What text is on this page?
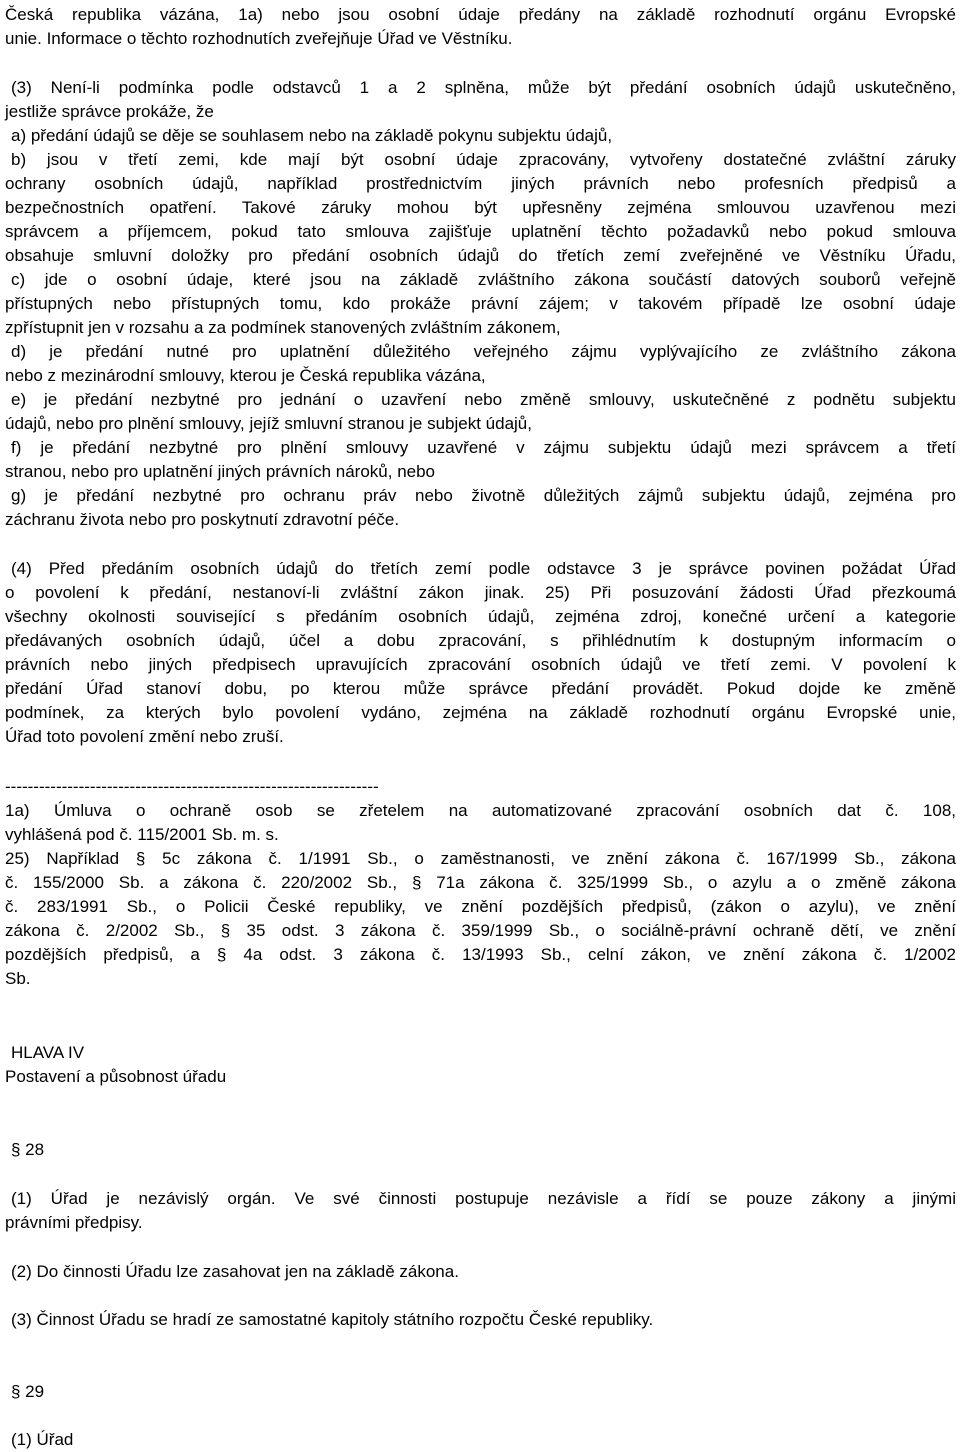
Česká republika vázána, 1a) nebo jsou osobní údaje předány na základě rozhodnutí orgánu Evropské
unie. Informace o těchto rozhodnutích zveřejňuje Úřad ve Věstníku.
(3) Není-li podmínka podle odstavců 1 a 2 splněna, může být předání osobních údajů uskutečněno,
jestliže správce prokáže, že
a) předání údajů se děje se souhlasem nebo na základě pokynu subjektu údajů,
b) jsou v třetí zemi, kde mají být osobní údaje zpracovány, vytvořeny dostatečné zvláštní záruky
ochrany osobních údajů, například prostřednictvím jiných právních nebo profesních předpisů a
bezpečnostních opatření. Takové záruky mohou být upřesněny zejména smlouvou uzavřenou mezi
správcem a příjemcem, pokud tato smlouva zajišťuje uplatnění těchto požadavků nebo pokud smlouva
obsahuje smluvní doložky pro předání osobních údajů do třetích zemí zveřejněné ve Věstníku Úřadu,
c) jde o osobní údaje, které jsou na základě zvláštního zákona součástí datových souborů veřejně
přístupných nebo přístupných tomu, kdo prokáže právní zájem; v takovém případě lze osobní údaje
zpřístupnit jen v rozsahu a za podmínek stanovených zvláštním zákonem,
d) je předání nutné pro uplatnění důležitého veřejného zájmu vyplývajícího ze zvláštního zákona
nebo z mezinárodní smlouvy, kterou je Česká republika vázána,
e) je předání nezbytné pro jednání o uzavření nebo změně smlouvy, uskutečněné z podnětu subjektu
údajů, nebo pro plnění smlouvy, jejíž smluvní stranou je subjekt údajů,
f) je předání nezbytné pro plnění smlouvy uzavřené v zájmu subjektu údajů mezi správcem a třetí
stranou, nebo pro uplatnění jiných právních nároků, nebo
g) je předání nezbytné pro ochranu práv nebo životně důležitých zájmů subjektu údajů, zejména pro
záchranu života nebo pro poskytnutí zdravotní péče.
(4) Před předáním osobních údajů do třetích zemí podle odstavce 3 je správce povinen požádat Úřad
o povolení k předání, nestanoví-li zvláštní zákon jinak. 25) Při posuzování žádosti Úřad přezkoumá
všechny okolnosti související s předáním osobních údajů, zejména zdroj, konečné určení a kategorie
předávaných osobních údajů, účel a dobu zpracování, s přihlédnutím k dostupným informacím o
právních nebo jiných předpisech upravujících zpracování osobních údajů ve třetí zemi. V povolení k
předání Úřad stanoví dobu, po kterou může správce předání provádět. Pokud dojde ke změně
podmínek, za kterých bylo povolení vydáno, zejména na základě rozhodnutí orgánu Evropské unie,
Úřad toto povolení změní nebo zruší.
------------------------------------------------------------------
1a) Úmluva o ochraně osob se zřetelem na automatizované zpracování osobních dat č. 108,
vyhlášená pod č. 115/2001 Sb. m. s.
25) Například § 5c zákona č. 1/1991 Sb., o zaměstnanosti, ve znění zákona č. 167/1999 Sb., zákona
č. 155/2000 Sb. a zákona č. 220/2002 Sb., § 71a zákona č. 325/1999 Sb., o azylu a o změně zákona
č. 283/1991 Sb., o Policii České republiky, ve znění pozdějších předpisů, (zákon o azylu), ve znění
zákona č. 2/2002 Sb., § 35 odst. 3 zákona č. 359/1999 Sb., o sociálně-právní ochraně dětí, ve znění
pozdějších předpisů, a § 4a odst. 3 zákona č. 13/1993 Sb., celní zákon, ve znění zákona č. 1/2002
Sb.
HLAVA IV
Postavení a působnost úřadu
§ 28
(1) Úřad je nezávislý orgán. Ve své činnosti postupuje nezávisle a řídí se pouze zákony a jinými
právními předpisy.
(2) Do činnosti Úřadu lze zasahovat jen na základě zákona.
(3) Činnost Úřadu se hradí ze samostatné kapitoly státního rozpočtu České republiky.
§ 29
(1) Úřad
